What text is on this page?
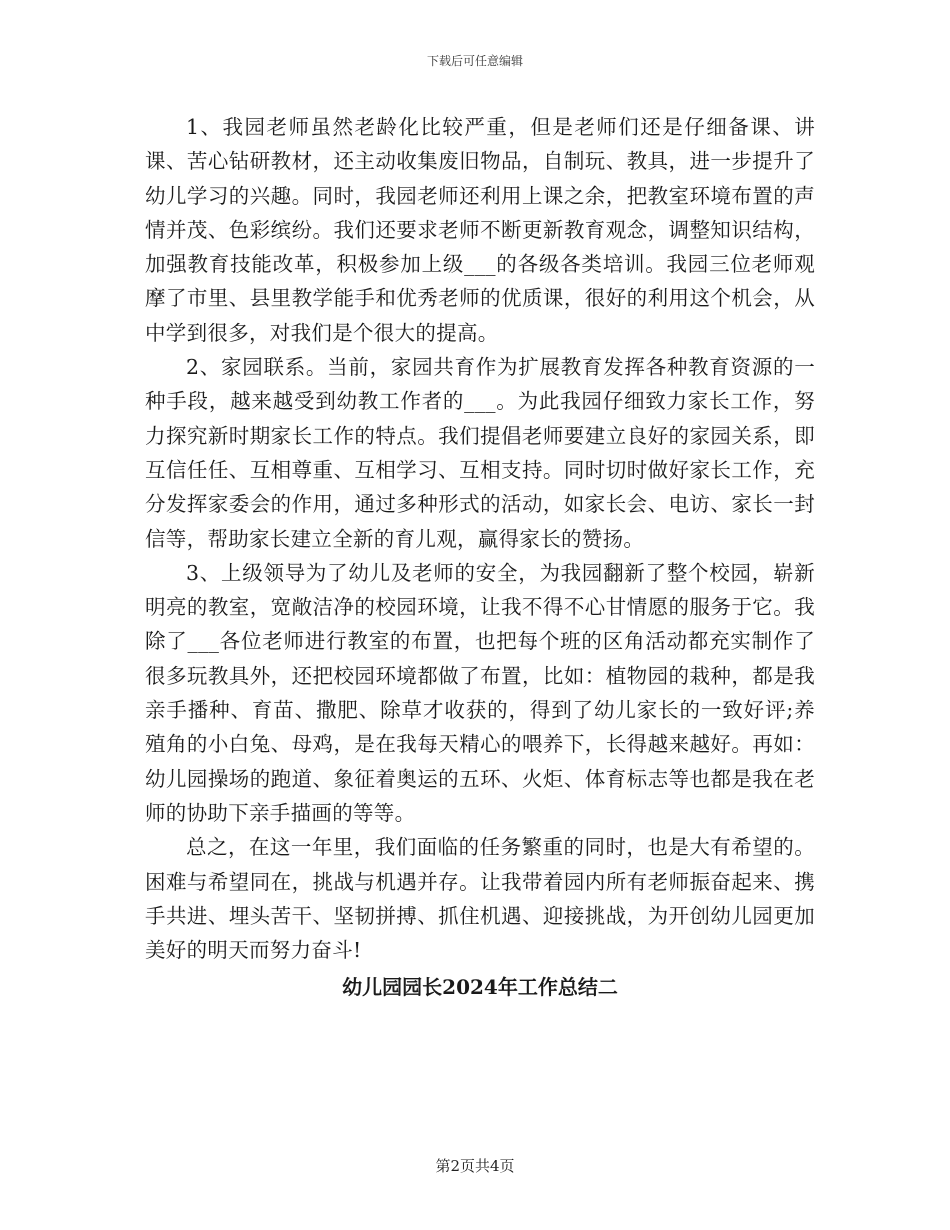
下载后可任意编辑

1、我园老师虽然老龄化比较严重，但是老师们还是仔细备课、讲课、苦心钻研教材，还主动收集废旧物品，自制玩、教具，进一步提升了幼儿学习的兴趣。同时，我园老师还利用上课之余，把教室环境布置的声情并茂、色彩缤纷。我们还要求老师不断更新教育观念，调整知识结构，加强教育技能改革，积极参加上级___的各级各类培训。我园三位老师观摩了市里、县里教学能手和优秀老师的优质课，很好的利用这个机会，从中学到很多，对我们是个很大的提高。

2、家园联系。当前，家园共育作为扩展教育发挥各种教育资源的一种手段，越来越受到幼教工作者的___。为此我园仔细致力家长工作，努力探究新时期家长工作的特点。我们提倡老师要建立良好的家园关系，即互信任任、互相尊重、互相学习、互相支持。同时切时做好家长工作，充分发挥家委会的作用，通过多种形式的活动，如家长会、电访、家长一封信等，帮助家长建立全新的育儿观，赢得家长的赞扬。

3、上级领导为了幼儿及老师的安全，为我园翻新了整个校园，崭新明亮的教室，宽敞洁净的校园环境，让我不得不心甘情愿的服务于它。我除了___各位老师进行教室的布置，也把每个班的区角活动都充实制作了很多玩教具外，还把校园环境都做了布置，比如：植物园的栽种，都是我亲手播种、育苗、撒肥、除草才收获的，得到了幼儿家长的一致好评;养殖角的小白兔、母鸡，是在我每天精心的喂养下，长得越来越好。再如：幼儿园操场的跑道、象征着奥运的五环、火炬、体育标志等也都是我在老师的协助下亲手描画的等等。

总之，在这一年里，我们面临的任务繁重的同时，也是大有希望的。困难与希望同在，挑战与机遇并存。让我带着园内所有老师振奋起来、携手共进、埋头苦干、坚韧拼搏、抓住机遇、迎接挑战，为开创幼儿园更加美好的明天而努力奋斗!

幼儿园园长2024年工作总结二
第2页共4页
